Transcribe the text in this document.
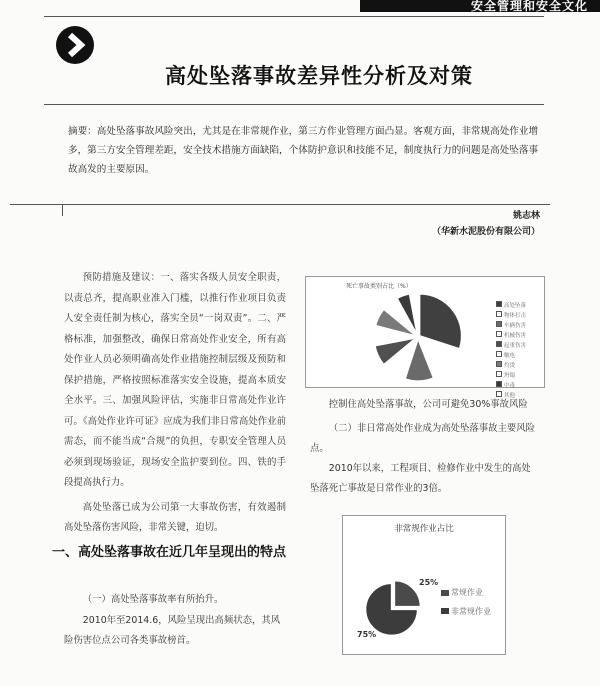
安全管理和安全文化
高处坠落事故差异性分析及对策
摘要：高处坠落事故风险突出，尤其是在非常规作业，第三方作业管理方面凸显。客观方面，非常规高处作业增多，第三方安全管理差距，安全技术措施方面缺陷，个体防护意识和技能不足，制度执行力的问题是高处坠落事故高发的主要原因。
姚志林
（华新水泥股份有限公司）

预防措施及建议：一、落实各级人员安全职责，以责总齐，提高职业准入门槛，以推行作业项目负责人安全责任制为核心，落实全员“一岗双责”。二、严格标准，加强整改，确保日常高处作业安全，所有高处作业人员必须明确高处作业措施控制层级及预防和保护措施，严格按照标准落实安全设施，提高本质安全水平。三、加强风险评估，实施非日常高处作业许可。《高处作业许可证》应成为我们非日常高处作业前需态，而不能当成“合规”的负担，专职安全管理人员必须到现场验证，现场安全监护要到位。四、铁的手段提高执行力。

高处坠落已成为公司第一大事故伤害，有效遏制高处坠落伤害风险，非常关键，迫切。

一、高处坠落事故在近几年呈现出的特点

（一）高处坠落事故率有所抬升。

2010年至2014.6，风险呈现出高频状态，其风险伤害位点公司各类事故榜首。

死亡事故类别占比（%）
高处坠落
物体打击
车辆伤害
机械伤害
起重伤害
触电
灼烫
坍塌
中毒
其他

控制住高处坠落事故，公司可避免30%事故风险

（二）非日常高处作业成为高处坠落事故主要风险点。

2010年以来，工程项目、检修作业中发生的高处坠落死亡事故是日常作业的3倍。

非常规作业占比
常规作业
非常规作业
25%
75%
